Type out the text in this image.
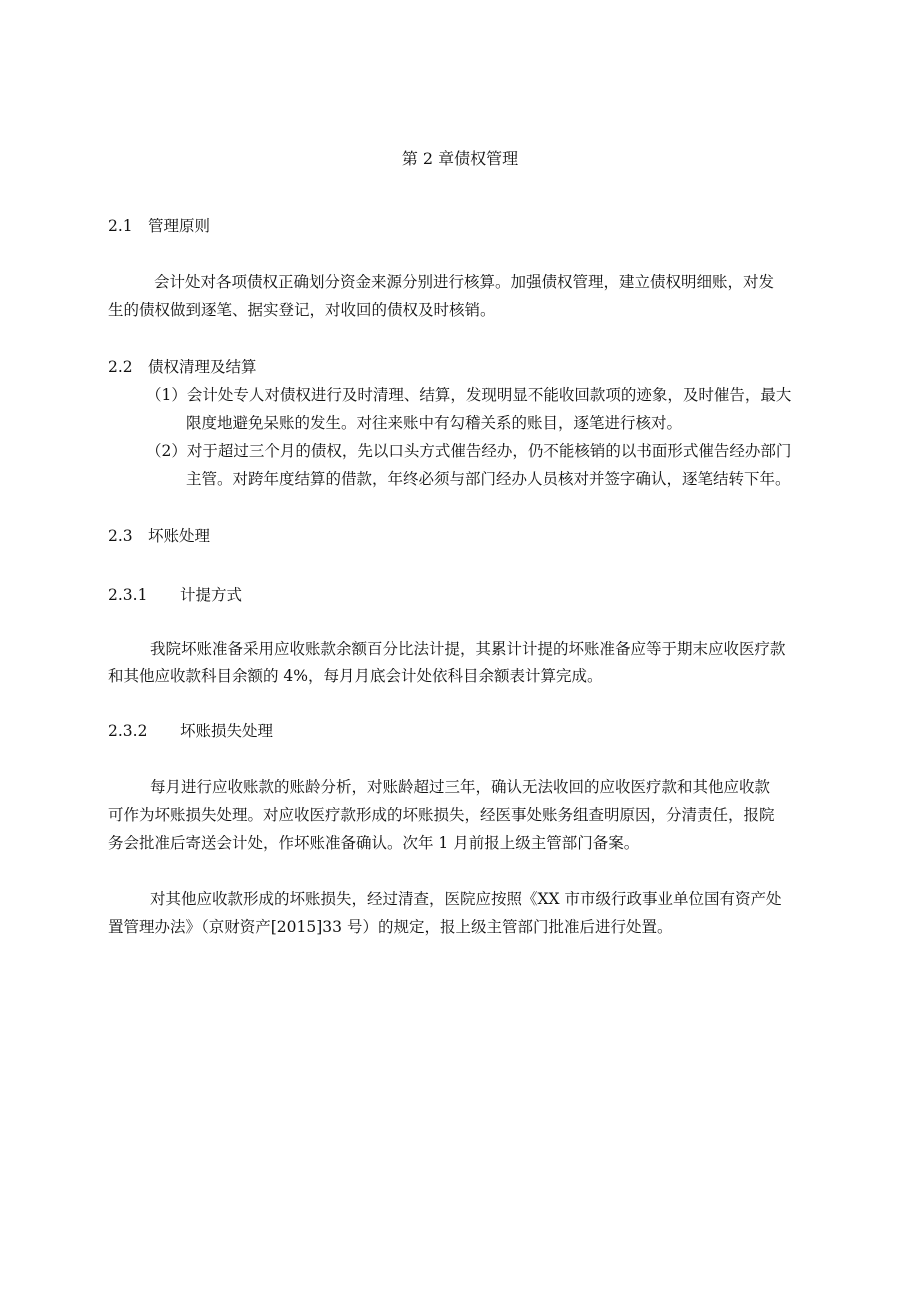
第 2 章债权管理
2.1 管理原则
会计处对各项债权正确划分资金来源分别进行核算。加强债权管理，建立债权明细账，对发
生的债权做到逐笔、据实登记，对收回的债权及时核销。
2.2 债权清理及结算
（1）会计处专人对债权进行及时清理、结算，发现明显不能收回款项的迹象，及时催告，最大
限度地避免呆账的发生。对往来账中有勾稽关系的账目，逐笔进行核对。
（2）对于超过三个月的债权，先以口头方式催告经办，仍不能核销的以书面形式催告经办部门
主管。对跨年度结算的借款，年终必须与部门经办人员核对并签字确认，逐笔结转下年。
2.3 坏账处理
2.3.1 计提方式
我院坏账准备采用应收账款余额百分比法计提，其累计计提的坏账准备应等于期末应收医疗款
和其他应收款科目余额的 4%，每月月底会计处依科目余额表计算完成。
2.3.2 坏账损失处理
每月进行应收账款的账龄分析，对账龄超过三年，确认无法收回的应收医疗款和其他应收款
可作为坏账损失处理。对应收医疗款形成的坏账损失，经医事处账务组查明原因，分清责任，报院
务会批准后寄送会计处，作坏账准备确认。次年 1 月前报上级主管部门备案。
对其他应收款形成的坏账损失，经过清查，医院应按照《XX 市市级行政事业单位国有资产处
置管理办法》（京财资产[2015]33 号）的规定，报上级主管部门批准后进行处置。
